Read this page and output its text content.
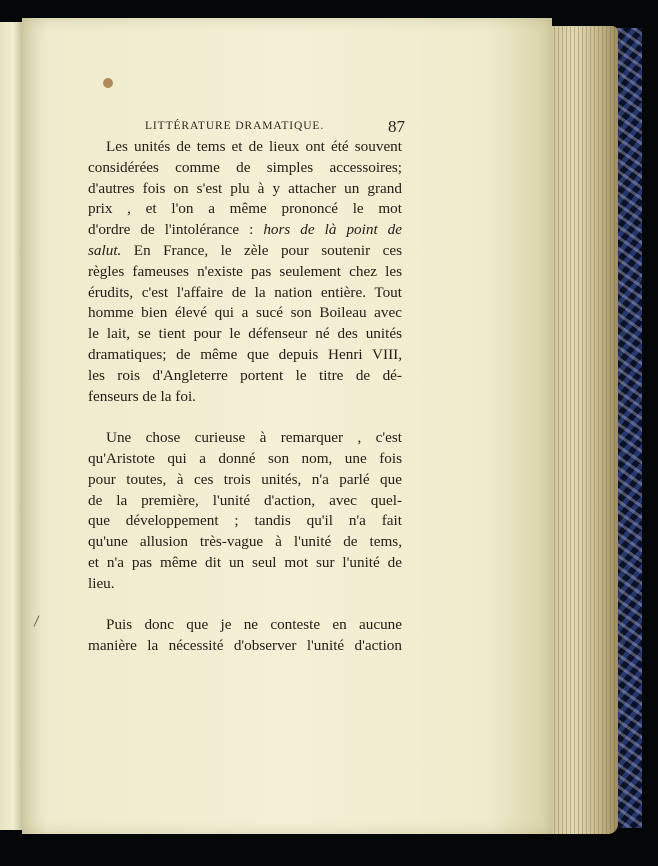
LITTÉRATURE DRAMATIQUE.	87

Les unités de tems et de lieux ont été souvent

considérées comme de simples accessoires;

d'autres fois on s'est plu à y attacher un grand

prix , et l'on a même prononcé le mot

d'ordre de l'intolérance : hors de là point de

salut. En France, le zèle pour soutenir ces

règles fameuses n'existe pas seulement chez les

érudits, c'est l'affaire de la nation entière. Tout

homme bien élevé qui a sucé son Boileau avec

le lait, se tient pour le défenseur né des unités

dramatiques; de même que depuis Henri VIII,

les rois d'Angleterre portent le titre de dé-

fenseurs de la foi.

Une chose curieuse à remarquer , c'est

qu'Aristote qui a donné son nom, une fois

pour toutes, à ces trois unités, n'a parlé que

de la première, l'unité d'action, avec quel-

que développement ; tandis qu'il n'a fait

qu'une allusion très-vague à l'unité de tems,

et n'a pas même dit un seul mot sur l'unité de

lieu.

Puis donc que je ne conteste en aucune

manière la nécessité d'observer l'unité d'action
